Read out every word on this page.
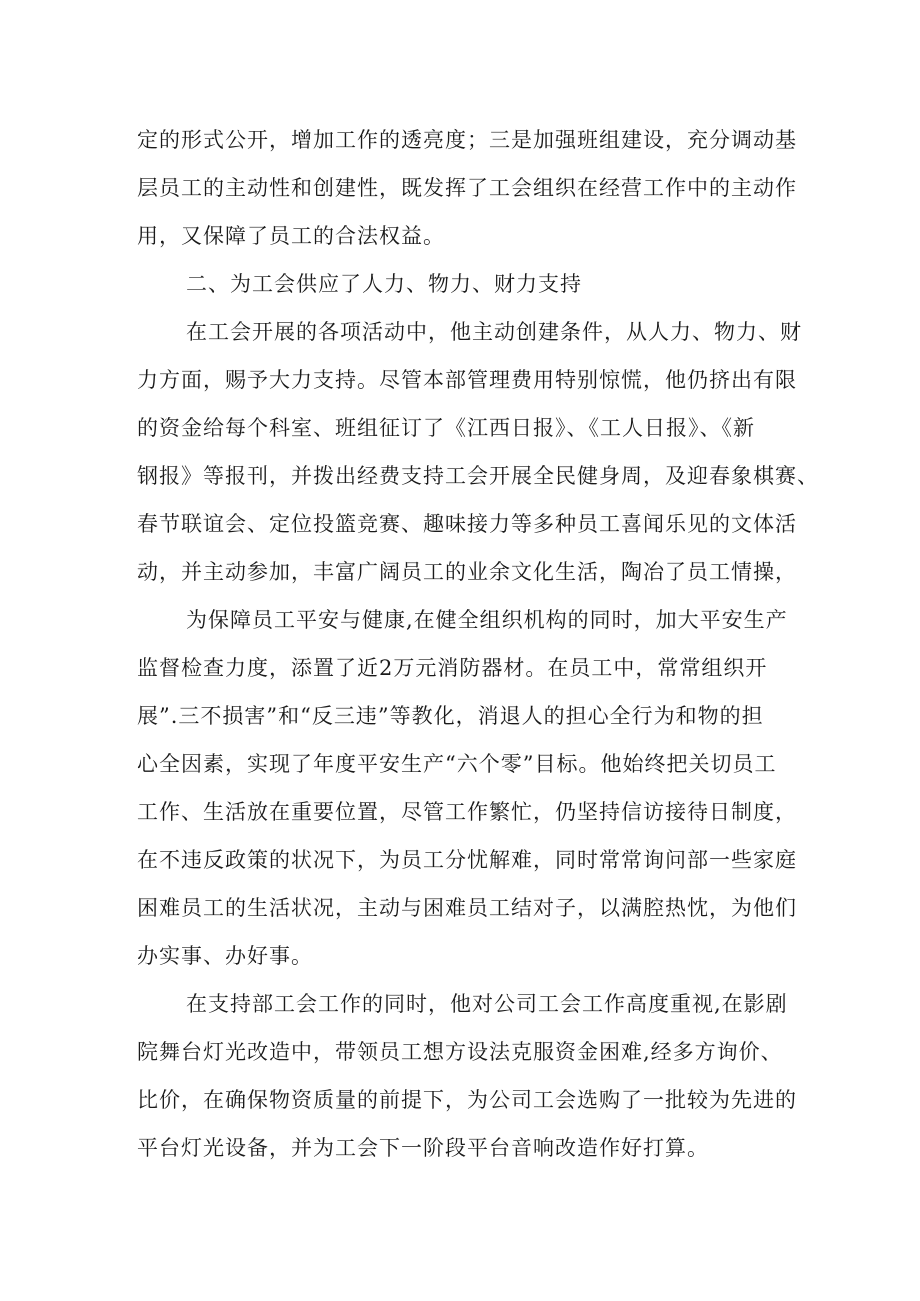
定的形式公开，增加工作的透亮度；三是加强班组建设，充分调动基
层员工的主动性和创建性，既发挥了工会组织在经营工作中的主动作
用，又保障了员工的合法权益。
二、为工会供应了人力、物力、财力支持
在工会开展的各项活动中，他主动创建条件，从人力、物力、财
力方面，赐予大力支持。尽管本部管理费用特别惊慌，他仍挤出有限
的资金给每个科室、班组征订了《江西日报》、《工人日报》、《新
钢报》等报刊，并拨出经费支持工会开展全民健身周，及迎春象棋赛、
春节联谊会、定位投篮竞赛、趣味接力等多种员工喜闻乐见的文体活
动，并主动参加，丰富广阔员工的业余文化生活，陶冶了员工情操，
为保障员工平安与健康,在健全组织机构的同时，加大平安生产
监督检查力度，添置了近2万元消防器材。在员工中，常常组织开
展”.三不损害”和“反三违”等教化，消退人的担心全行为和物的担
心全因素，实现了年度平安生产“六个零”目标。他始终把关切员工
工作、生活放在重要位置，尽管工作繁忙，仍坚持信访接待日制度，
在不违反政策的状况下，为员工分忧解难，同时常常询问部一些家庭
困难员工的生活状况，主动与困难员工结对子，以满腔热忱，为他们
办实事、办好事。
在支持部工会工作的同时，他对公司工会工作高度重视,在影剧
院舞台灯光改造中，带领员工想方设法克服资金困难,经多方询价、
比价，在确保物资质量的前提下，为公司工会选购了一批较为先进的
平台灯光设备，并为工会下一阶段平台音响改造作好打算。
